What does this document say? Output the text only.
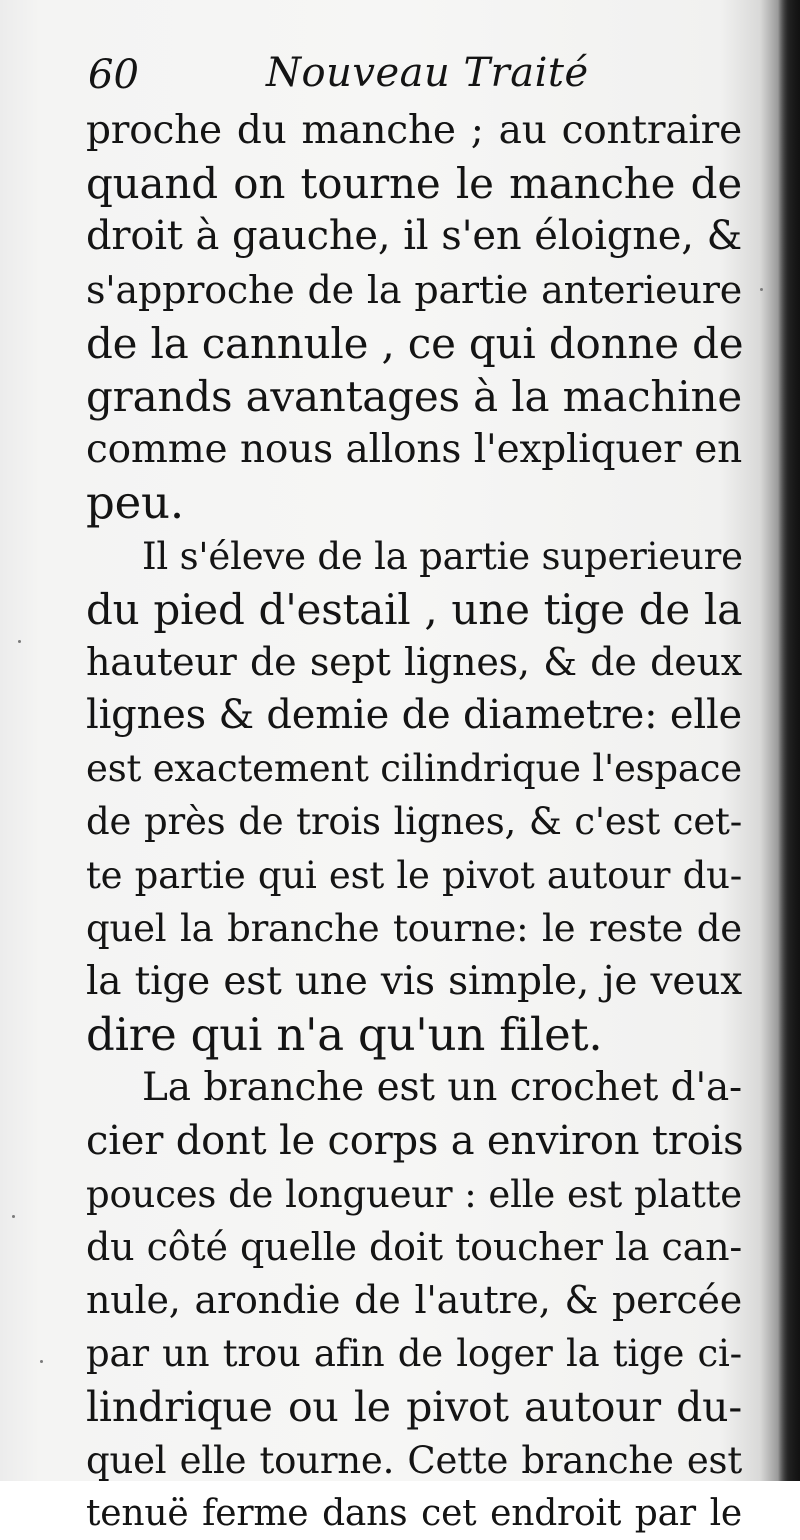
60	Nouveau Traité
proche du manche ; au contraire
quand on tourne le manche de
droit à gauche, il s'en éloigne, &
s'approche de la partie anterieure
de la cannule , ce qui donne de
grands avantages à la machine
comme nous allons l'expliquer en
peu.
Il s'éleve de la partie superieure
du pied d'estail , une tige de la
hauteur de sept lignes, & de deux
lignes & demie de diametre: elle
est exactement cilindrique l'espace
de près de trois lignes, & c'est cet-
te partie qui est le pivot autour du-
quel la branche tourne: le reste de
la tige est une vis simple, je veux
dire qui n'a qu'un filet.
La branche est un crochet d'a-
cier dont le corps a environ trois
pouces de longueur : elle est platte
du côté quelle doit toucher la can-
nule, arondie de l'autre, & percée
par un trou afin de loger la tige ci-
lindrique ou le pivot autour du-
quel elle tourne. Cette branche est
tenuë ferme dans cet endroit par le
